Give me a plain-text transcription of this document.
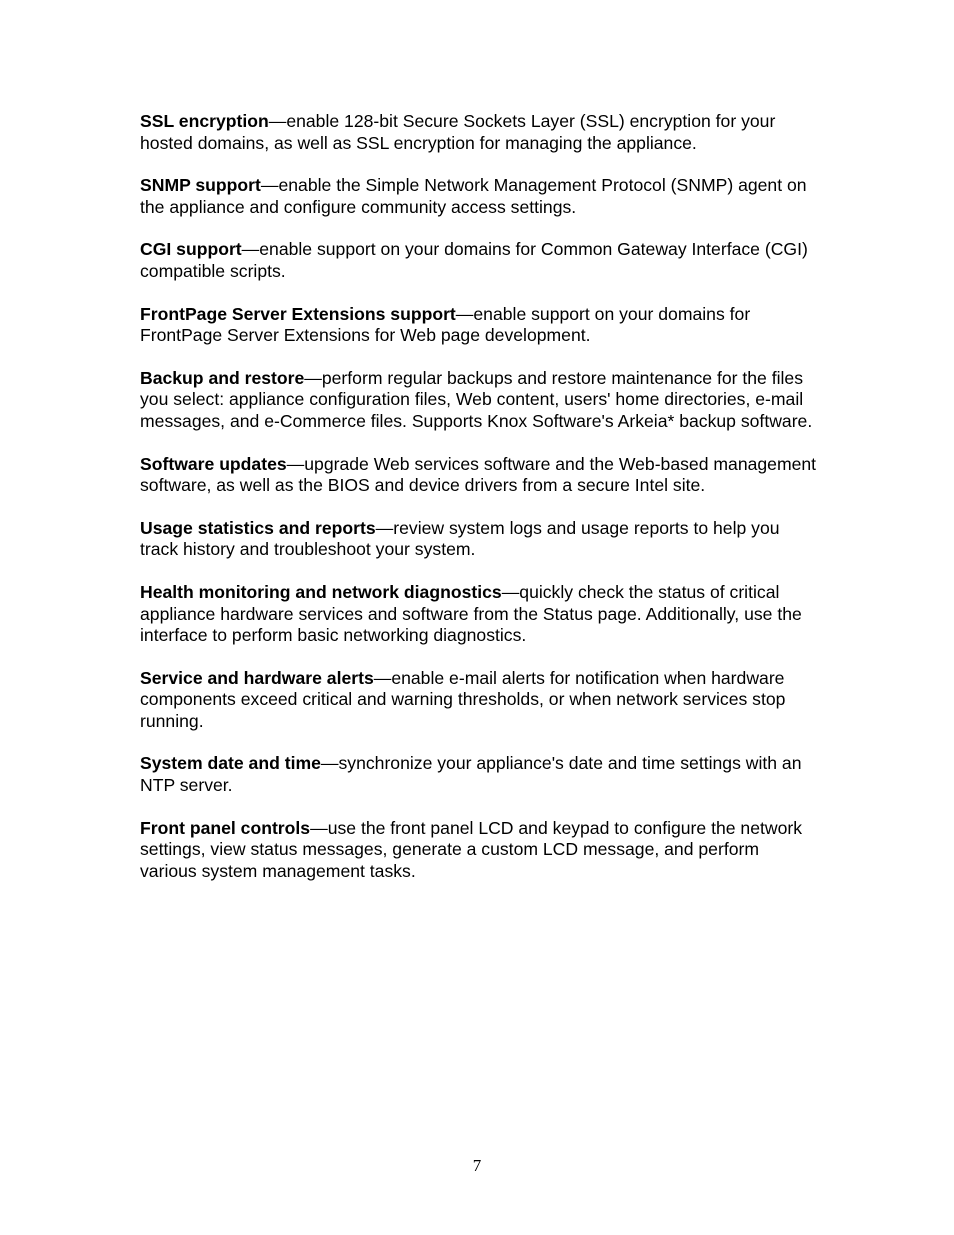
SSL encryption—enable 128-bit Secure Sockets Layer (SSL) encryption for your hosted domains, as well as SSL encryption for managing the appliance.

SNMP support—enable the Simple Network Management Protocol (SNMP) agent on the appliance and configure community access settings.

CGI support—enable support on your domains for Common Gateway Interface (CGI) compatible scripts.

FrontPage Server Extensions support—enable support on your domains for FrontPage Server Extensions for Web page development.

Backup and restore—perform regular backups and restore maintenance for the files you select: appliance configuration files, Web content, users' home directories, e-mail messages, and e-Commerce files. Supports Knox Software's Arkeia* backup software.

Software updates—upgrade Web services software and the Web-based management software, as well as the BIOS and device drivers from a secure Intel site.

Usage statistics and reports—review system logs and usage reports to help you track history and troubleshoot your system.

Health monitoring and network diagnostics—quickly check the status of critical appliance hardware services and software from the Status page. Additionally, use the interface to perform basic networking diagnostics.

Service and hardware alerts—enable e-mail alerts for notification when hardware components exceed critical and warning thresholds, or when network services stop running.

System date and time—synchronize your appliance's date and time settings with an NTP server.

Front panel controls—use the front panel LCD and keypad to configure the network settings, view status messages, generate a custom LCD message, and perform various system management tasks.

7
